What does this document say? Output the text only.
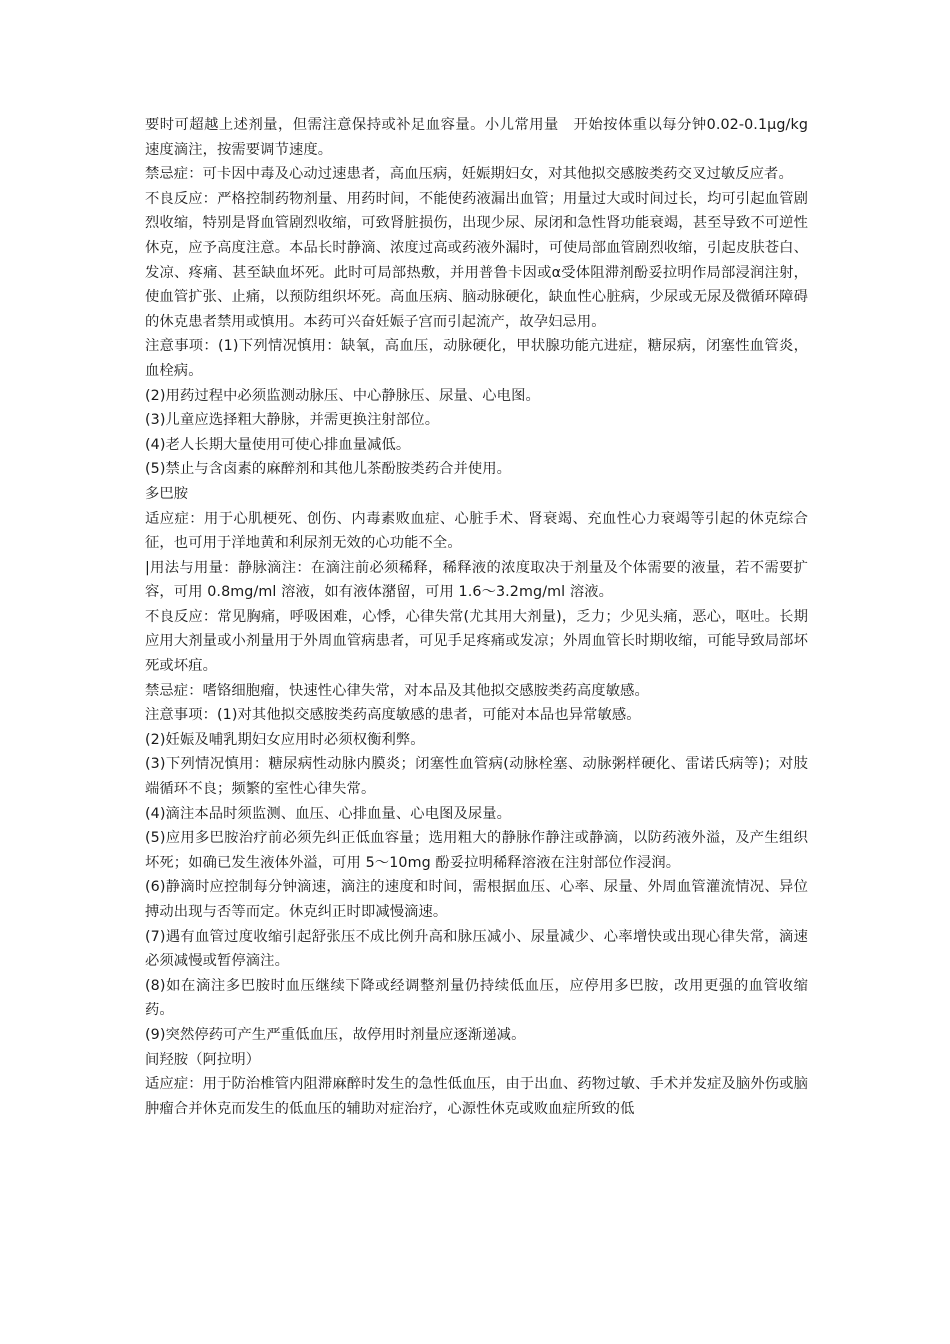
要时可超越上述剂量，但需注意保持或补足血容量。小儿常用量　开始按体重以每分钟0.02-0.1μg/kg 速度滴注，按需要调节速度。

禁忌症：可卡因中毒及心动过速患者，高血压病，妊娠期妇女，对其他拟交感胺类药交叉过敏反应者。

不良反应：严格控制药物剂量、用药时间，不能使药液漏出血管；用量过大或时间过长，均可引起血管剧烈收缩，特别是肾血管剧烈收缩，可致肾脏损伤，出现少尿、尿闭和急性肾功能衰竭，甚至导致不可逆性休克，应予高度注意。本品长时静滴、浓度过高或药液外漏时，可使局部血管剧烈收缩，引起皮肤苍白、发凉、疼痛、甚至缺血坏死。此时可局部热敷，并用普鲁卡因或α受体阻滞剂酚妥拉明作局部浸润注射，使血管扩张、止痛，以预防组织坏死。高血压病、脑动脉硬化，缺血性心脏病，少尿或无尿及微循环障碍的休克患者禁用或慎用。本药可兴奋妊娠子宫而引起流产，故孕妇忌用。

注意事项：(1)下列情况慎用：缺氧，高血压，动脉硬化，甲状腺功能亢进症，糖尿病，闭塞性血管炎，血栓病。

(2)用药过程中必须监测动脉压、中心静脉压、尿量、心电图。

(3)儿童应选择粗大静脉，并需更换注射部位。

(4)老人长期大量使用可使心排血量减低。

(5)禁止与含卤素的麻醉剂和其他儿茶酚胺类药合并使用。

多巴胺

适应症：用于心肌梗死、创伤、内毒素败血症、心脏手术、肾衰竭、充血性心力衰竭等引起的休克综合征，也可用于洋地黄和利尿剂无效的心功能不全。

|用法与用量：静脉滴注：在滴注前必须稀释，稀释液的浓度取决于剂量及个体需要的液量，若不需要扩容，可用 0.8mg/ml 溶液，如有液体潴留，可用 1.6～3.2mg/ml 溶液。

不良反应：常见胸痛，呼吸困难，心悸，心律失常(尤其用大剂量)，乏力；少见头痛，恶心，呕吐。长期应用大剂量或小剂量用于外周血管病患者，可见手足疼痛或发凉；外周血管长时期收缩，可能导致局部坏死或坏疽。

禁忌症：嗜铬细胞瘤，快速性心律失常，对本品及其他拟交感胺类药高度敏感。

注意事项：(1)对其他拟交感胺类药高度敏感的患者，可能对本品也异常敏感。

(2)妊娠及哺乳期妇女应用时必须权衡利弊。

(3)下列情况慎用：糖尿病性动脉内膜炎；闭塞性血管病(动脉栓塞、动脉粥样硬化、雷诺氏病等)；对肢端循环不良；频繁的室性心律失常。

(4)滴注本品时须监测、血压、心排血量、心电图及尿量。

(5)应用多巴胺治疗前必须先纠正低血容量；选用粗大的静脉作静注或静滴，以防药液外溢，及产生组织坏死；如确已发生液体外溢，可用 5～10mg 酚妥拉明稀释溶液在注射部位作浸润。

(6)静滴时应控制每分钟滴速，滴注的速度和时间，需根据血压、心率、尿量、外周血管灌流情况、异位搏动出现与否等而定。休克纠正时即减慢滴速。

(7)遇有血管过度收缩引起舒张压不成比例升高和脉压减小、尿量减少、心率增快或出现心律失常，滴速必须减慢或暂停滴注。

(8)如在滴注多巴胺时血压继续下降或经调整剂量仍持续低血压，应停用多巴胺，改用更强的血管收缩药。

(9)突然停药可产生严重低血压，故停用时剂量应逐渐递减。

间羟胺（阿拉明）

适应症：用于防治椎管内阻滞麻醉时发生的急性低血压，由于出血、药物过敏、手术并发症及脑外伤或脑肿瘤合并休克而发生的低血压的辅助对症治疗，心源性休克或败血症所致的低
